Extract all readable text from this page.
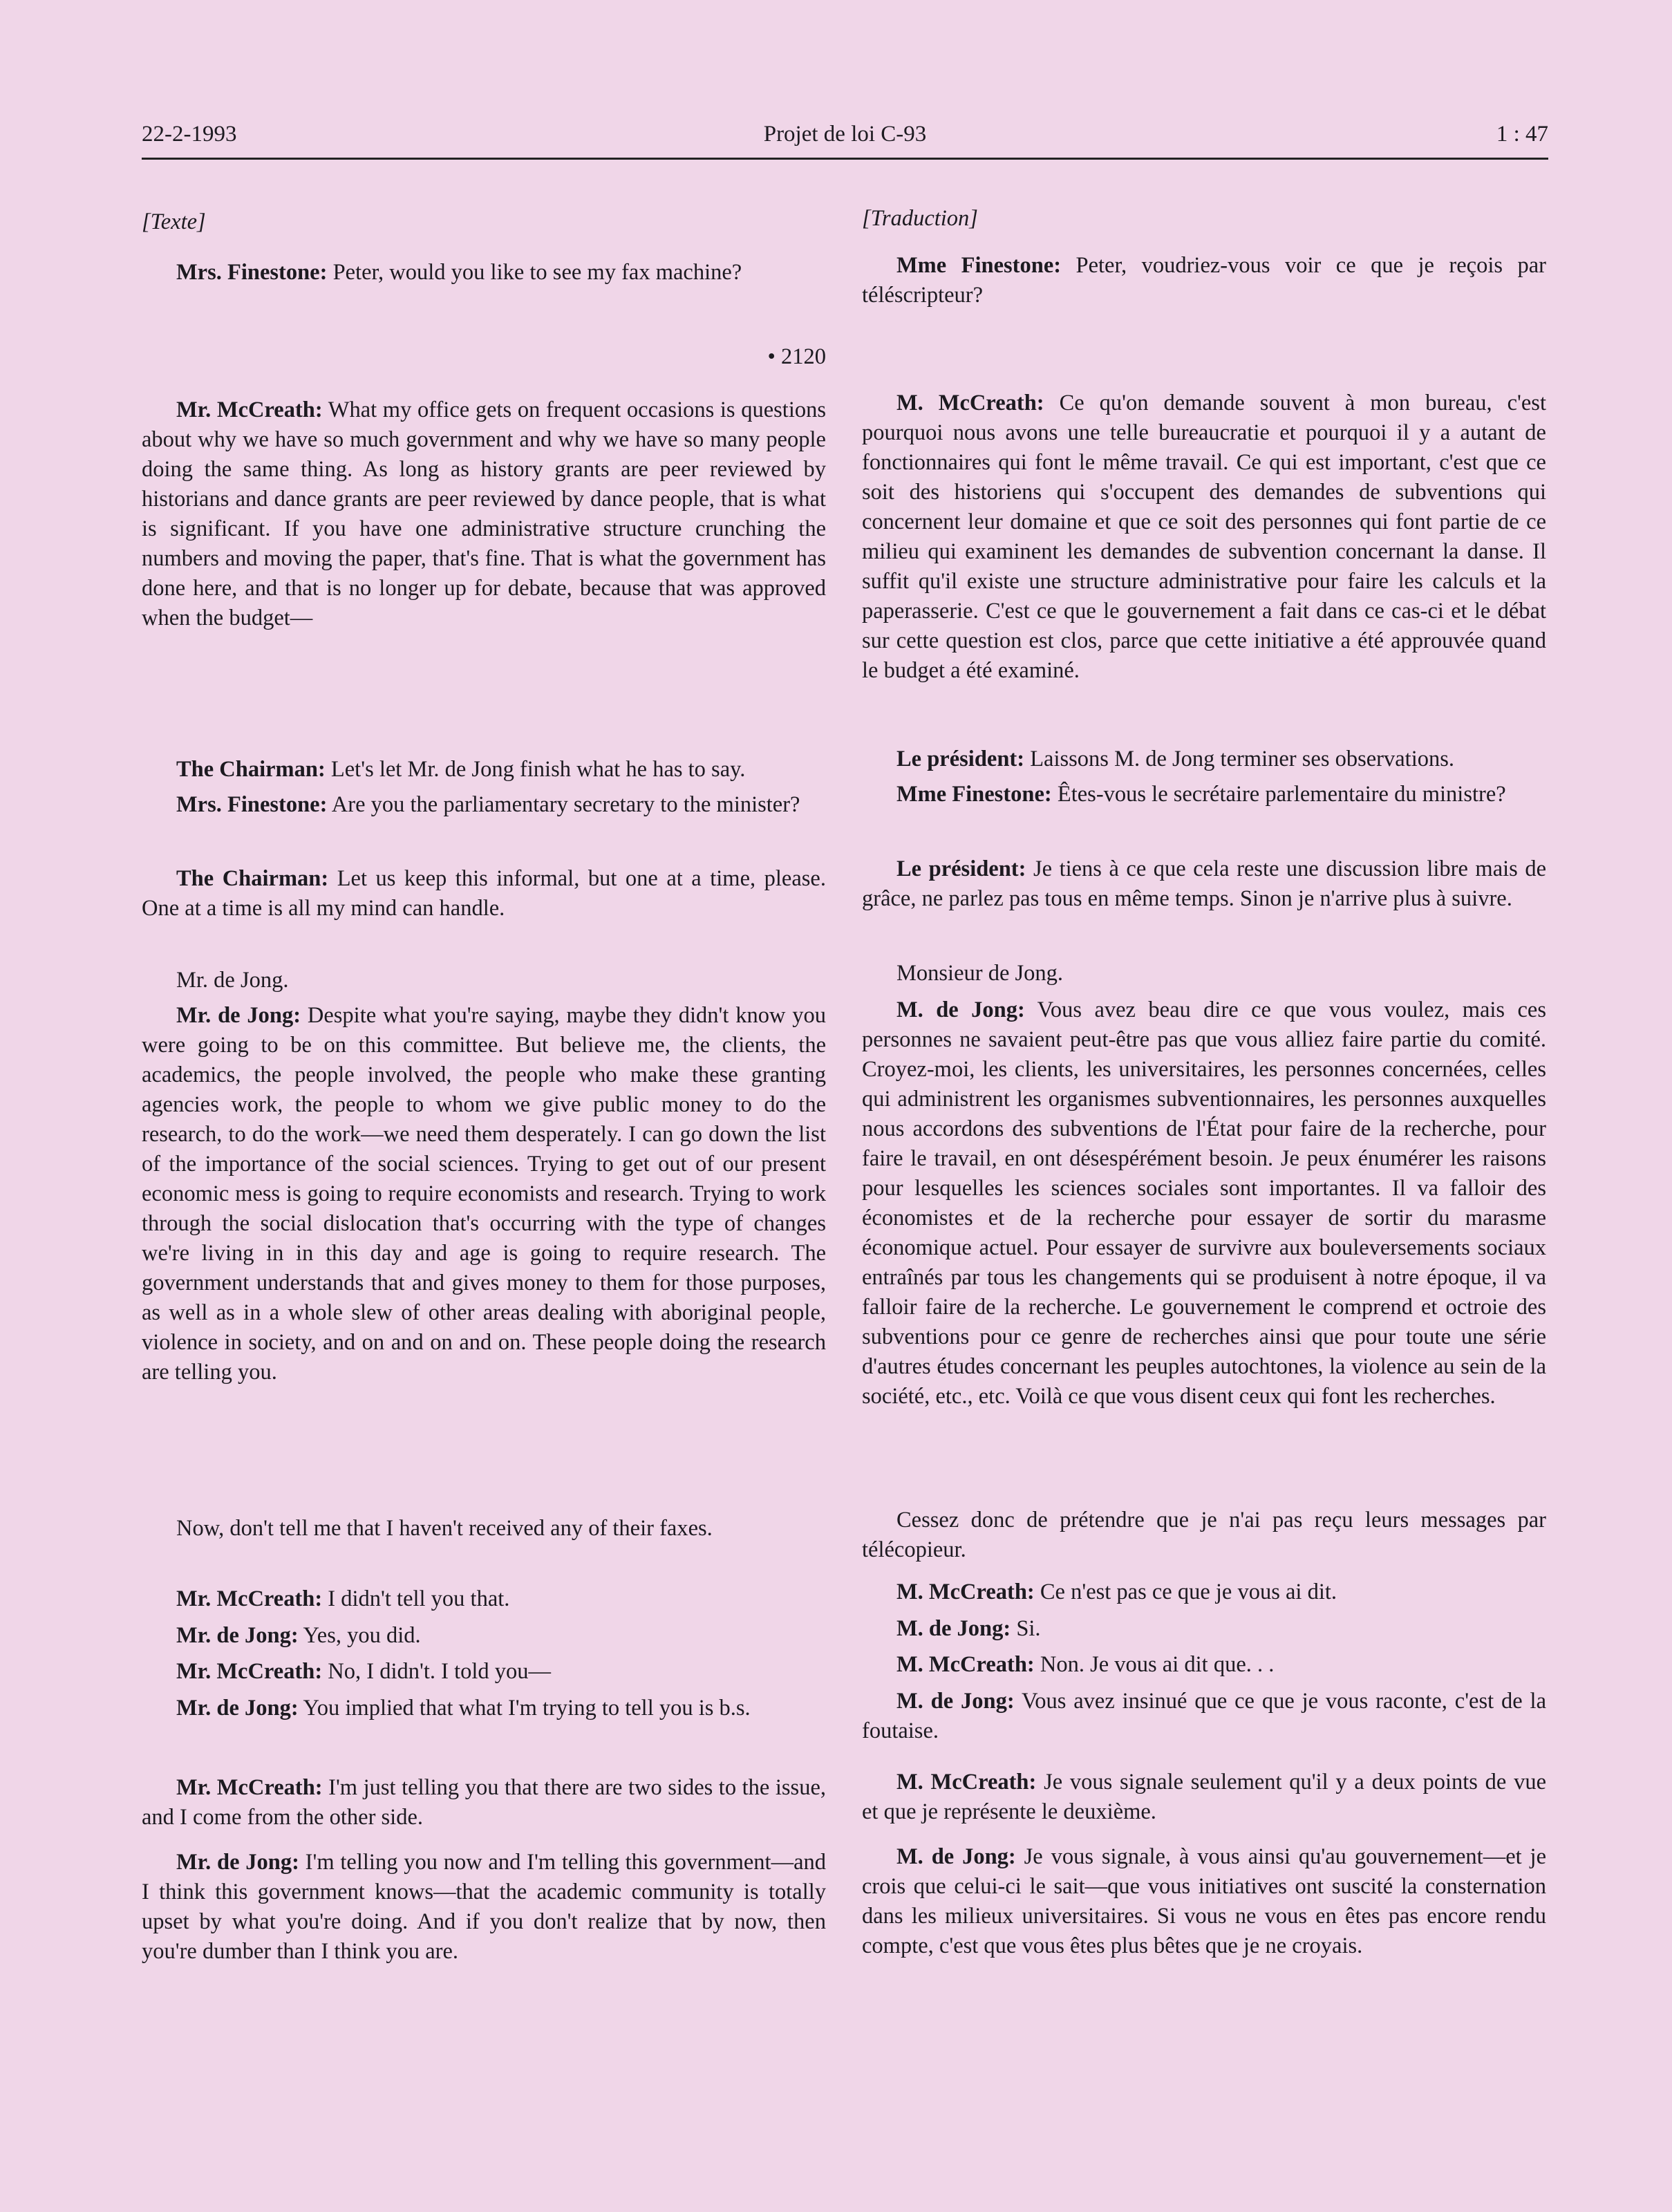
22-2-1993	Projet de loi C-93	1 : 47

[Texte]

Mrs. Finestone: Peter, would you like to see my fax machine?

• 2120

Mr. McCreath: What my office gets on frequent occasions is questions about why we have so much government and why we have so many people doing the same thing. As long as history grants are peer reviewed by historians and dance grants are peer reviewed by dance people, that is what is significant. If you have one administrative structure crunching the numbers and moving the paper, that's fine. That is what the government has done here, and that is no longer up for debate, because that was approved when the budget—

The Chairman: Let's let Mr. de Jong finish what he has to say.

Mrs. Finestone: Are you the parliamentary secretary to the minister?

The Chairman: Let us keep this informal, but one at a time, please. One at a time is all my mind can handle.

Mr. de Jong.

Mr. de Jong: Despite what you're saying, maybe they didn't know you were going to be on this committee. But believe me, the clients, the academics, the people involved, the people who make these granting agencies work, the people to whom we give public money to do the research, to do the work—we need them desperately. I can go down the list of the importance of the social sciences. Trying to get out of our present economic mess is going to require economists and research. Trying to work through the social dislocation that's occurring with the type of changes we're living in in this day and age is going to require research. The government understands that and gives money to them for those purposes, as well as in a whole slew of other areas dealing with aboriginal people, violence in society, and on and on and on. These people doing the research are telling you.

Now, don't tell me that I haven't received any of their faxes.

Mr. McCreath: I didn't tell you that.

Mr. de Jong: Yes, you did.

Mr. McCreath: No, I didn't. I told you—

Mr. de Jong: You implied that what I'm trying to tell you is b.s.

Mr. McCreath: I'm just telling you that there are two sides to the issue, and I come from the other side.

Mr. de Jong: I'm telling you now and I'm telling this government—and I think this government knows—that the academic community is totally upset by what you're doing. And if you don't realize that by now, then you're dumber than I think you are.

[Traduction]

Mme Finestone: Peter, voudriez-vous voir ce que je reçois par téléscripteur?

M. McCreath: Ce qu'on demande souvent à mon bureau, c'est pourquoi nous avons une telle bureaucratie et pourquoi il y a autant de fonctionnaires qui font le même travail. Ce qui est important, c'est que ce soit des historiens qui s'occupent des demandes de subventions qui concernent leur domaine et que ce soit des personnes qui font partie de ce milieu qui examinent les demandes de subvention concernant la danse. Il suffit qu'il existe une structure administrative pour faire les calculs et la paperasserie. C'est ce que le gouvernement a fait dans ce cas-ci et le débat sur cette question est clos, parce que cette initiative a été approuvée quand le budget a été examiné.

Le président: Laissons M. de Jong terminer ses observations.

Mme Finestone: Êtes-vous le secrétaire parlementaire du ministre?

Le président: Je tiens à ce que cela reste une discussion libre mais de grâce, ne parlez pas tous en même temps. Sinon je n'arrive plus à suivre.

Monsieur de Jong.

M. de Jong: Vous avez beau dire ce que vous voulez, mais ces personnes ne savaient peut-être pas que vous alliez faire partie du comité. Croyez-moi, les clients, les universitaires, les personnes concernées, celles qui administrent les organismes subventionnaires, les personnes auxquelles nous accordons des subventions de l'État pour faire de la recherche, pour faire le travail, en ont désespérément besoin. Je peux énumérer les raisons pour lesquelles les sciences sociales sont importantes. Il va falloir des économistes et de la recherche pour essayer de sortir du marasme économique actuel. Pour essayer de survivre aux bouleversements sociaux entraînés par tous les changements qui se produisent à notre époque, il va falloir faire de la recherche. Le gouvernement le comprend et octroie des subventions pour ce genre de recherches ainsi que pour toute une série d'autres études concernant les peuples autochtones, la violence au sein de la société, etc., etc. Voilà ce que vous disent ceux qui font les recherches.

Cessez donc de prétendre que je n'ai pas reçu leurs messages par télécopieur.

M. McCreath: Ce n'est pas ce que je vous ai dit.

M. de Jong: Si.

M. McCreath: Non. Je vous ai dit que. . .

M. de Jong: Vous avez insinué que ce que je vous raconte, c'est de la foutaise.

M. McCreath: Je vous signale seulement qu'il y a deux points de vue et que je représente le deuxième.

M. de Jong: Je vous signale, à vous ainsi qu'au gouvernement—et je crois que celui-ci le sait—que vous initiatives ont suscité la consternation dans les milieux universitaires. Si vous ne vous en êtes pas encore rendu compte, c'est que vous êtes plus bêtes que je ne croyais.
